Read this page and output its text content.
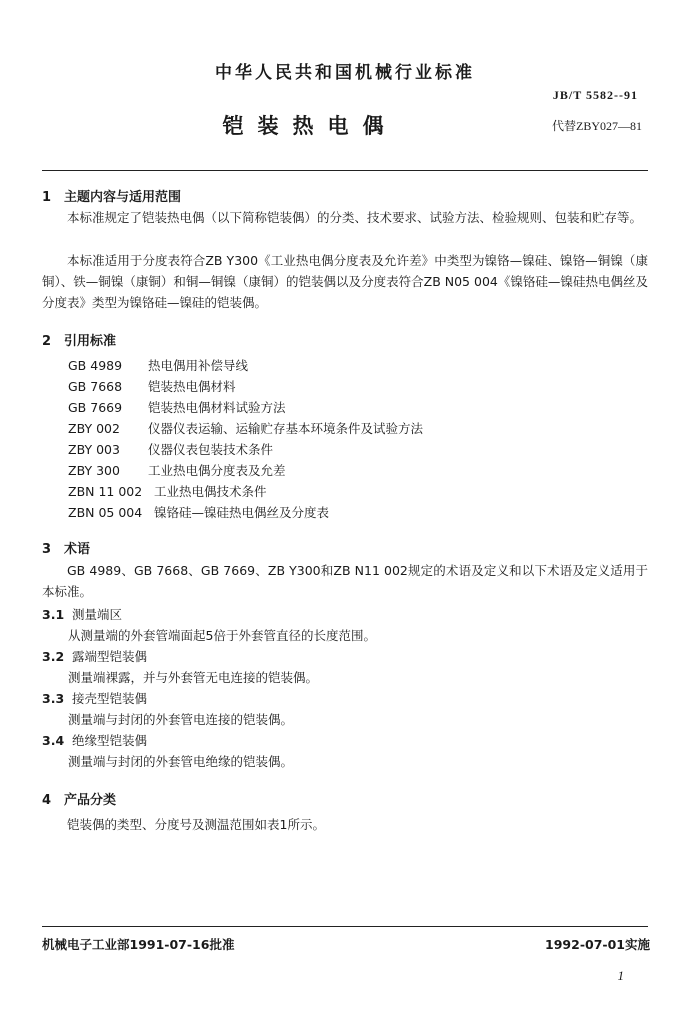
中华人民共和国机械行业标准
JB/T 5582--91
铠装热电偶	代替ZBY027—81
1 主题内容与适用范围
本标准规定了铠装热电偶（以下简称铠装偶）的分类、技术要求、试验方法、检验规则、包装和贮存等。
本标准适用于分度表符合ZB Y300《工业热电偶分度表及允许差》中类型为镍铬—镍硅、镍铬—铜镍（康铜）、铁—铜镍（康铜）和铜—铜镍（康铜）的铠装偶以及分度表符合ZB N05 004《镍铬硅—镍硅热电偶丝及分度表》类型为镍铬硅—镍硅的铠装偶。
2 引用标准
GB 4989 热电偶用补偿导线
GB 7668 铠装热电偶材料
GB 7669 铠装热电偶材料试验方法
ZBY 002 仪器仪表运输、运输贮存基本环境条件及试验方法
ZBY 003 仪器仪表包装技术条件
ZBY 300 工业热电偶分度表及允差
ZBN 11 002 工业热电偶技术条件
ZBN 05 004 镍铬硅—镍硅热电偶丝及分度表
3 术语
GB 4989、GB 7668、GB 7669、ZB Y300和ZB N11 002规定的术语及定义和以下术语及定义适用于本标准。
3.1 测量端区
从测量端的外套管端面起5倍于外套管直径的长度范围。
3.2 露端型铠装偶
测量端裸露，并与外套管无电连接的铠装偶。
3.3 接壳型铠装偶
测量端与封闭的外套管电连接的铠装偶。
3.4 绝缘型铠装偶
测量端与封闭的外套管电绝缘的铠装偶。
4 产品分类
铠装偶的类型、分度号及测温范围如表1所示。
机械电子工业部1991-07-16批准	1992-07-01实施
1
